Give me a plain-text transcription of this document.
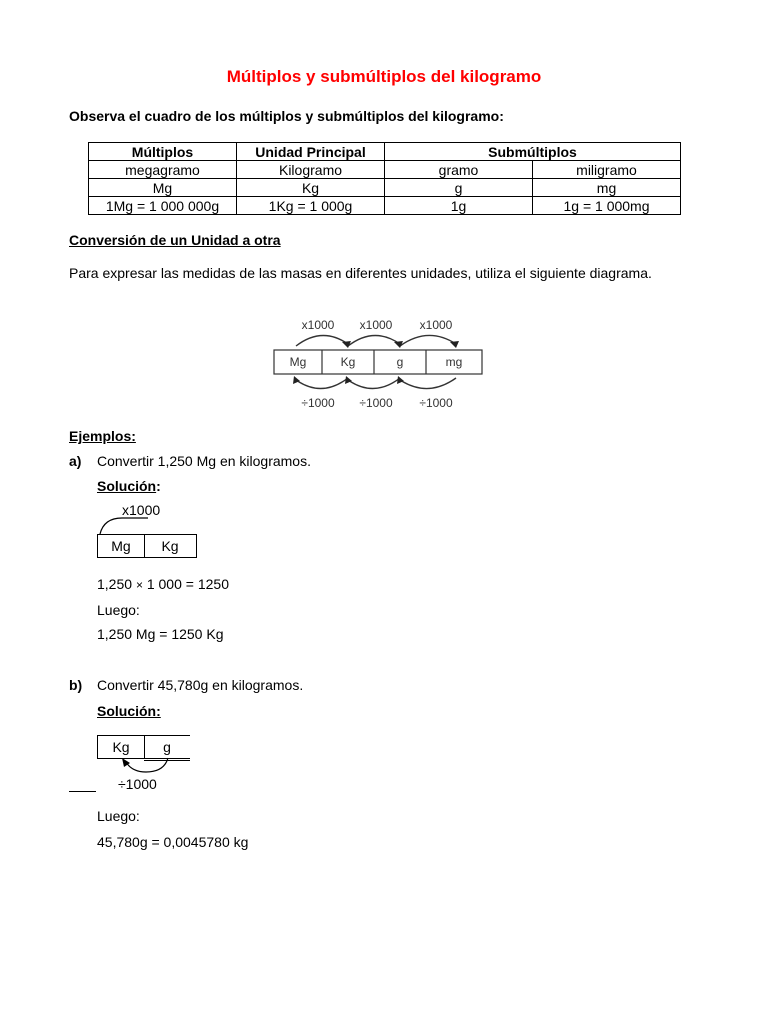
Múltiplos y submúltiplos del kilogramo
Observa el cuadro de los múltiplos y submúltiplos del kilogramo:
Múltiplos	Unidad Principal	Submúltiplos	
megagramo	Kilogramo	gramo	miligramo
Mg	Kg	g	mg
1Mg = 1 000 000g	1Kg = 1 000g	1g	1g = 1 000mg
Conversión de un Unidad a otra
Para expresar las medidas de las masas en diferentes unidades, utiliza el siguiente diagrama.
Mg	Kg	g	mg
x1000 x1000 x1000
÷1000 ÷1000 ÷1000
Ejemplos:
a) Convertir 1,250 Mg en kilogramos.
Solución:
x1000
Mg	Kg
1,250 × 1 000 = 1250
Luego:
1,250 Mg = 1250 Kg
b) Convertir 45,780g en kilogramos.
Solución:
Kg	g
÷1000
Luego:
45,780g = 0,0045780 kg
